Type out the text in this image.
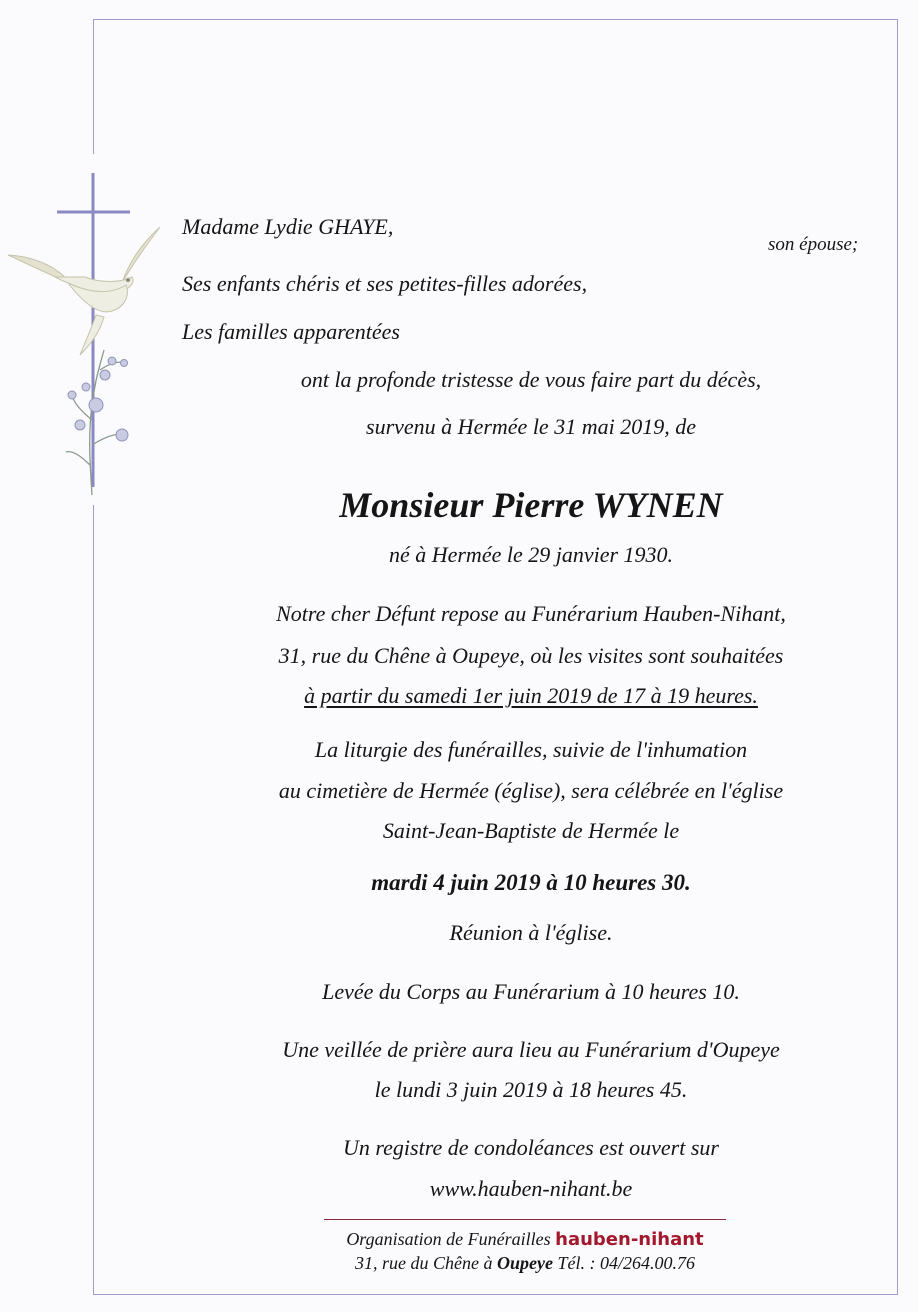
Madame Lydie GHAYE,

son épouse;

Ses enfants chéris et ses petites-filles adorées,

Les familles apparentées

ont la profonde tristesse de vous faire part du décès,

survenu à Hermée le 31 mai 2019, de

Monsieur Pierre WYNEN

né à Hermée le 29 janvier 1930.

Notre cher Défunt repose au Funérarium Hauben-Nihant,

31, rue du Chêne à Oupeye, où les visites sont souhaitées

à partir du samedi 1er juin 2019 de 17 à 19 heures.

La liturgie des funérailles, suivie de l'inhumation

au cimetière de Hermée (église), sera célébrée en l'église

Saint-Jean-Baptiste de Hermée le

mardi 4 juin 2019 à 10 heures 30.

Réunion à l'église.

Levée du Corps au Funérarium à 10 heures 10.

Une veillée de prière aura lieu au Funérarium d'Oupeye

le lundi 3 juin 2019 à 18 heures 45.

Un registre de condoléances est ouvert sur

www.hauben-nihant.be

Organisation de Funérailles hauben-nihant
31, rue du Chêne à Oupeye Tél. : 04/264.00.76
